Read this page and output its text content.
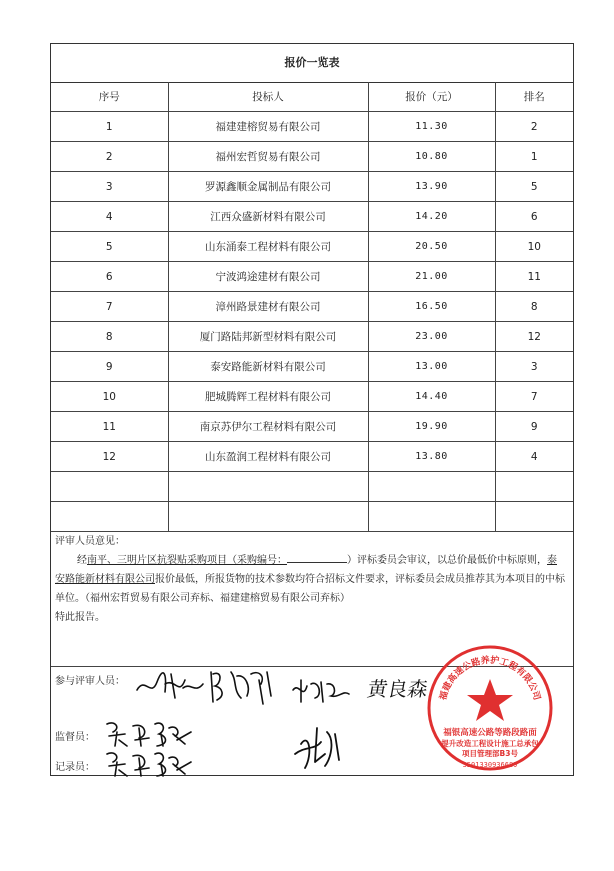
报价一览表
序号	投标人	报价（元）	排名
1	福建建榕贸易有限公司	11.30	2
2	福州宏哲贸易有限公司	10.80	1
3	罗源鑫顺金属制品有限公司	13.90	5
4	江西众盛新材料有限公司	14.20	6
5	山东涌泰工程材料有限公司	20.50	10
6	宁波鸿途建材有限公司	21.00	11
7	漳州路景建材有限公司	16.50	8
8	厦门路陆邦新型材料有限公司	23.00	12
9	泰安路能新材料有限公司	13.00	3
10	肥城腾辉工程材料有限公司	14.40	7
11	南京苏伊尔工程材料有限公司	19.90	9
12	山东盈润工程材料有限公司	13.80	4

评审人员意见：
经南平、三明片区抗裂贴采购项目（采购编号：	）评标委员会审议，以总价最低价中标原则，泰安路能新材料有限公司报价最低，所报货物的技术参数均符合招标文件要求，评标委员会成员推荐其为本项目的中标单位。（福州宏哲贸易有限公司弃标、福建建榕贸易有限公司弃标）
特此报告。
参与评审人员：
监督员：
记录员：
黄良森 福建高速公路养护工程有限公司
福银高速公路等路段路面
提升改造工程设计施工总承包
项目管理部B3号
3501330936689
